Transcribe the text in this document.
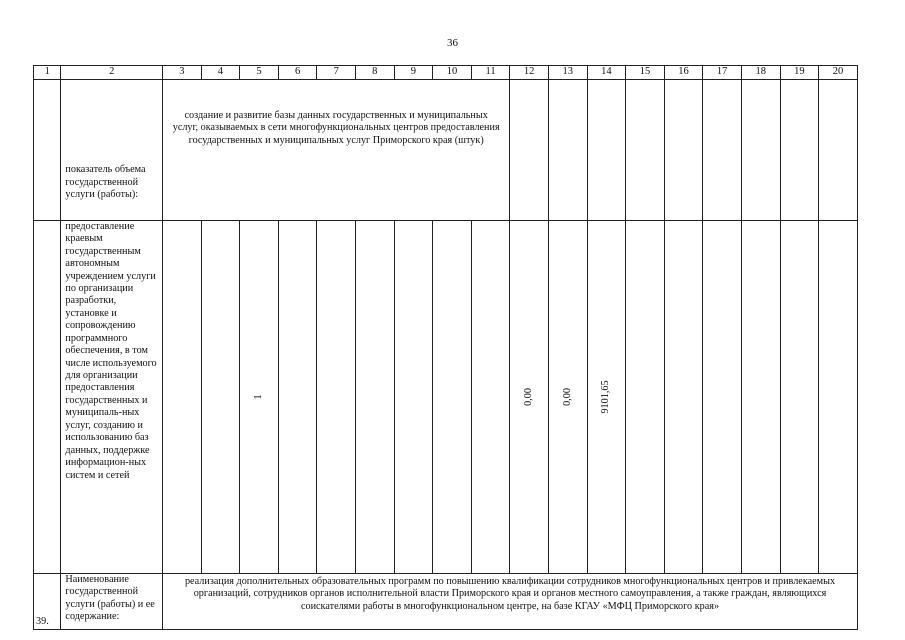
36
1	2	3	4	5	6	7	8	9	10	11	12	13	14	15	16	17	18	19	20
	показатель объема государственной услуги (работы):	создание и развитие базы данных государственных и муниципальных услуг, оказываемых в сети многофункциональных центров предоставления государственных и муниципальных услуг Приморского края (штук)																	
	предоставление краевым государственным автономным учреждением услуги по организации разработки, установке и сопровождению программного обеспечения, в том числе используемого для организации предоставления государственных и муниципаль-ных услуг, созданию и использованию баз данных, поддержке информацион-ных систем и сетей			1							0,00	0,00	9101,65						

39.	Наименование государственной услуги (работы) и ее содержание:	реализация дополнительных образовательных программ по повышению квалификации сотрудников многофункциональных центров и привлекаемых организаций, сотрудников органов исполнительной власти Приморского края и органов местного самоуправления, а также граждан, являющихся соискателями работы в многофункциональном центре, на базе КГАУ «МФЦ Приморского края»																	
